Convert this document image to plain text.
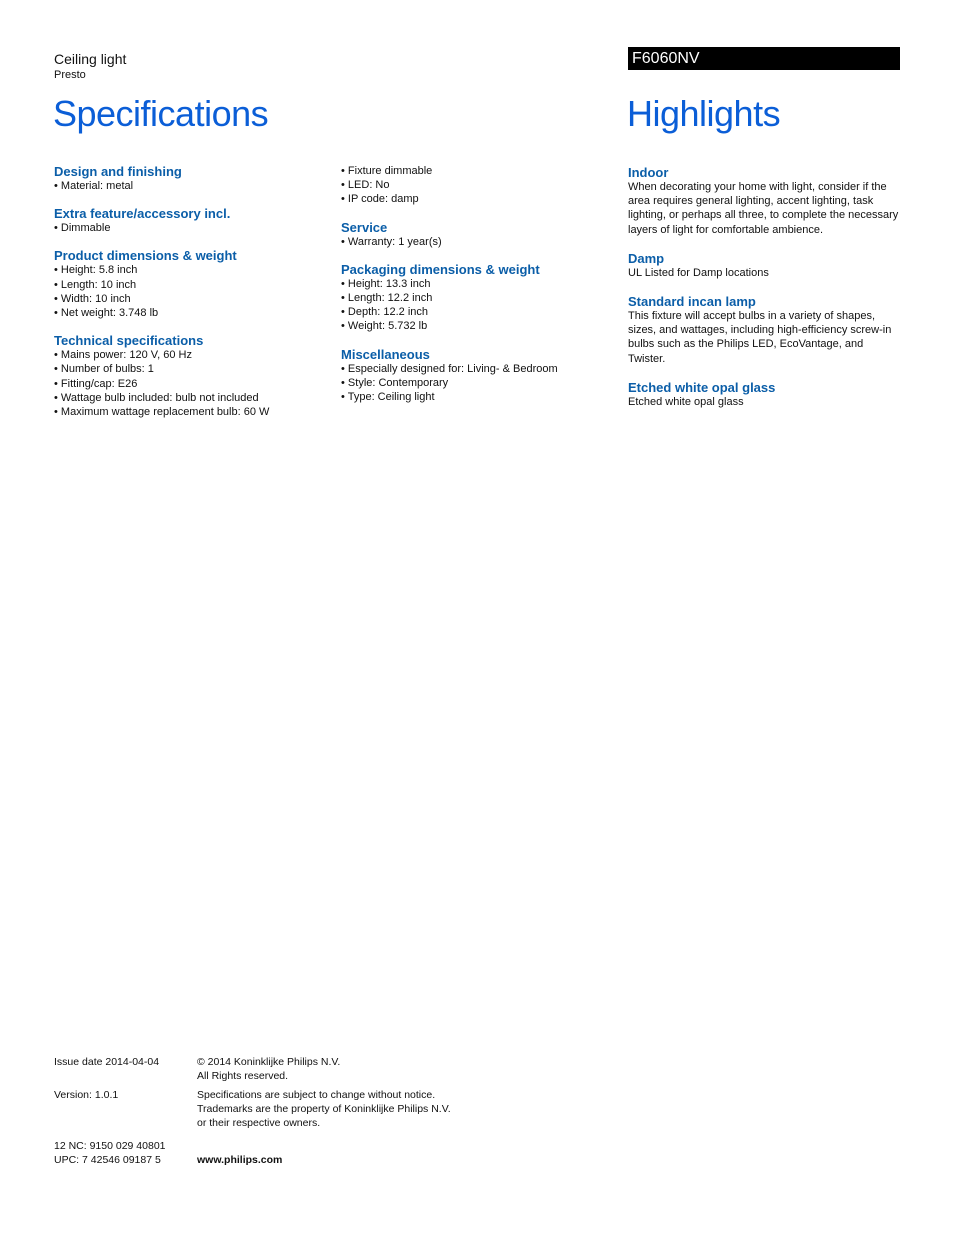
Ceiling light
Presto
F6060NV
Specifications	Highlights
Design and finishing
• Material: metal
Extra feature/accessory incl.
• Dimmable
Product dimensions & weight
• Height: 5.8 inch
• Length: 10 inch
• Width: 10 inch
• Net weight: 3.748 lb
Technical specifications
• Mains power: 120 V, 60 Hz
• Number of bulbs: 1
• Fitting/cap: E26
• Wattage bulb included: bulb not included
• Maximum wattage replacement bulb: 60 W
• Fixture dimmable
• LED: No
• IP code: damp
Service
• Warranty: 1 year(s)
Packaging dimensions & weight
• Height: 13.3 inch
• Length: 12.2 inch
• Depth: 12.2 inch
• Weight: 5.732 lb
Miscellaneous
• Especially designed for: Living- & Bedroom
• Style: Contemporary
• Type: Ceiling light
Indoor
When decorating your home with light, consider if the area requires general lighting, accent lighting, task lighting, or perhaps all three, to complete the necessary layers of light for comfortable ambience.
Damp
UL Listed for Damp locations
Standard incan lamp
This fixture will accept bulbs in a variety of shapes, sizes, and wattages, including high-efficiency screw-in bulbs such as the Philips LED, EcoVantage, and Twister.
Etched white opal glass
Etched white opal glass
Issue date 2014-04-04
Version: 1.0.1
12 NC: 9150 029 40801
UPC: 7 42546 09187 5
© 2014 Koninklijke Philips N.V.
All Rights reserved.
Specifications are subject to change without notice.
Trademarks are the property of Koninklijke Philips N.V.
or their respective owners.
www.philips.com
